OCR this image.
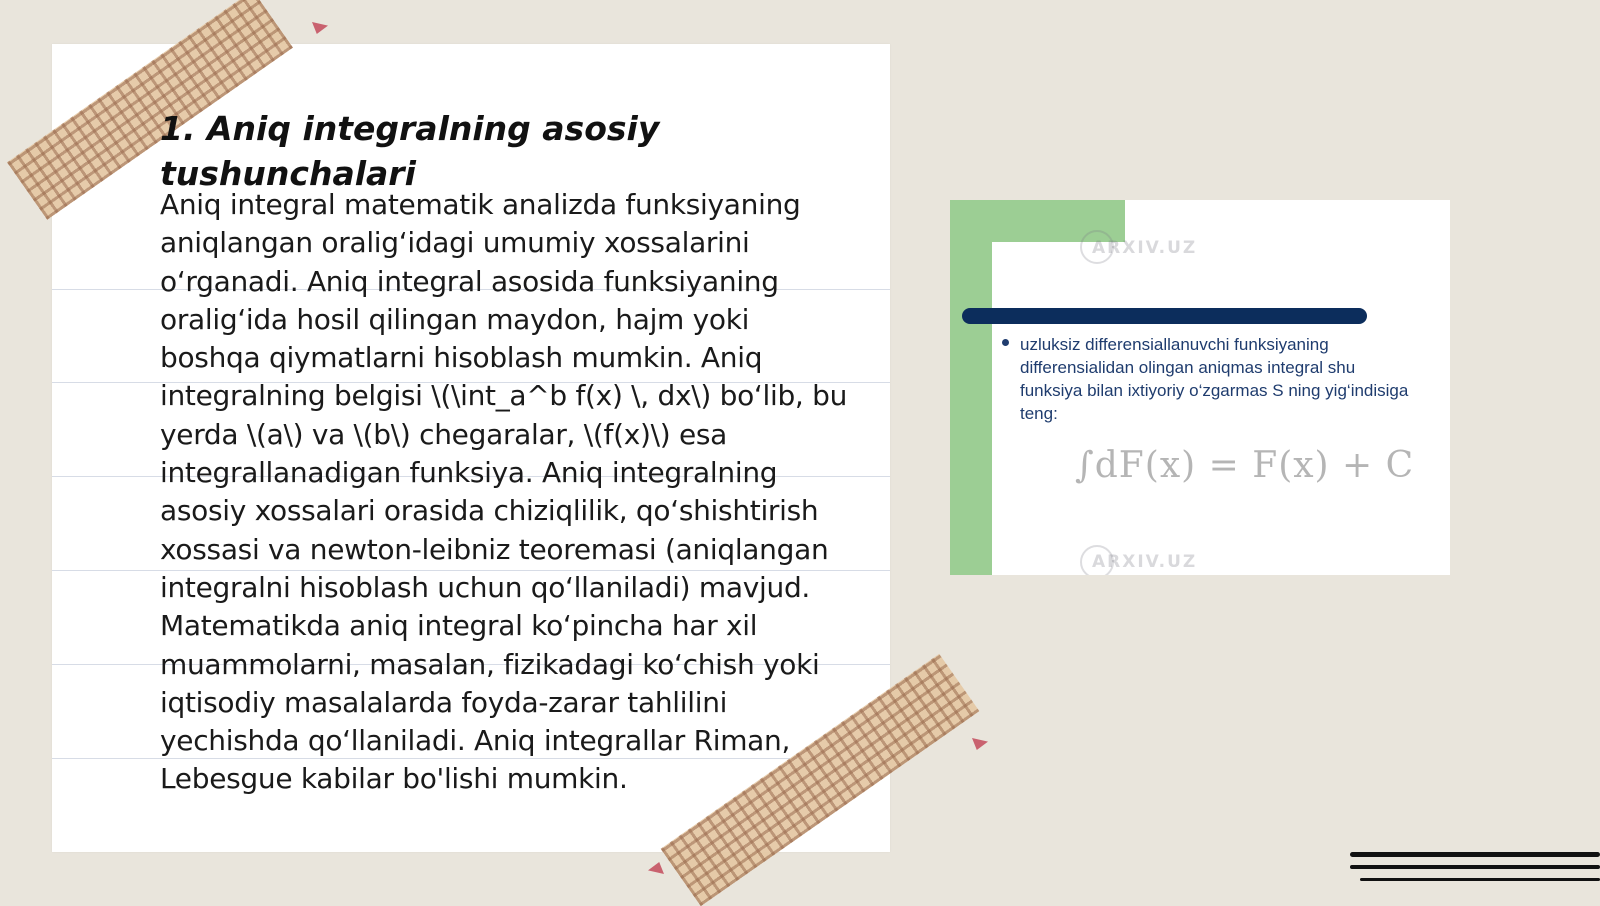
1. Aniq integralning asosiy tushunchalari

Aniq integral matematik analizda funksiyaning aniqlangan oralig‘idagi umumiy xossalarini o‘rganadi. Aniq integral asosida funksiyaning oralig‘ida hosil qilingan maydon, hajm yoki boshqa qiymatlarni hisoblash mumkin. Aniq integralning belgisi \(\int_a^b f(x) \, dx\) bo‘lib, bu yerda \(a\) va \(b\) chegaralar, \(f(x)\) esa integrallanadigan funksiya. Aniq integralning asosiy xossalari orasida chiziqlilik, qo‘shishtirish xossasi va newton-leibniz teoremasi (aniqlangan integralni hisoblash uchun qo‘llaniladi) mavjud. Matematikda aniq integral ko‘pincha har xil muammolarni, masalan, fizikadagi ko‘chish yoki iqtisodiy masalalarda foyda-zarar tahlilini yechishda qo‘llaniladi. Aniq integrallar Riman, Lebesgue kabilar bo'lishi mumkin.

ARXIV.UZ

uzluksiz differensiallanuvchi funksiyaning differensialidan olingan aniqmas integral shu funksiya bilan ixtiyoriy o‘zgarmas S ning yig‘indisiga teng:

∫dF(x) = F(x) + C
ARXIV.UZ
